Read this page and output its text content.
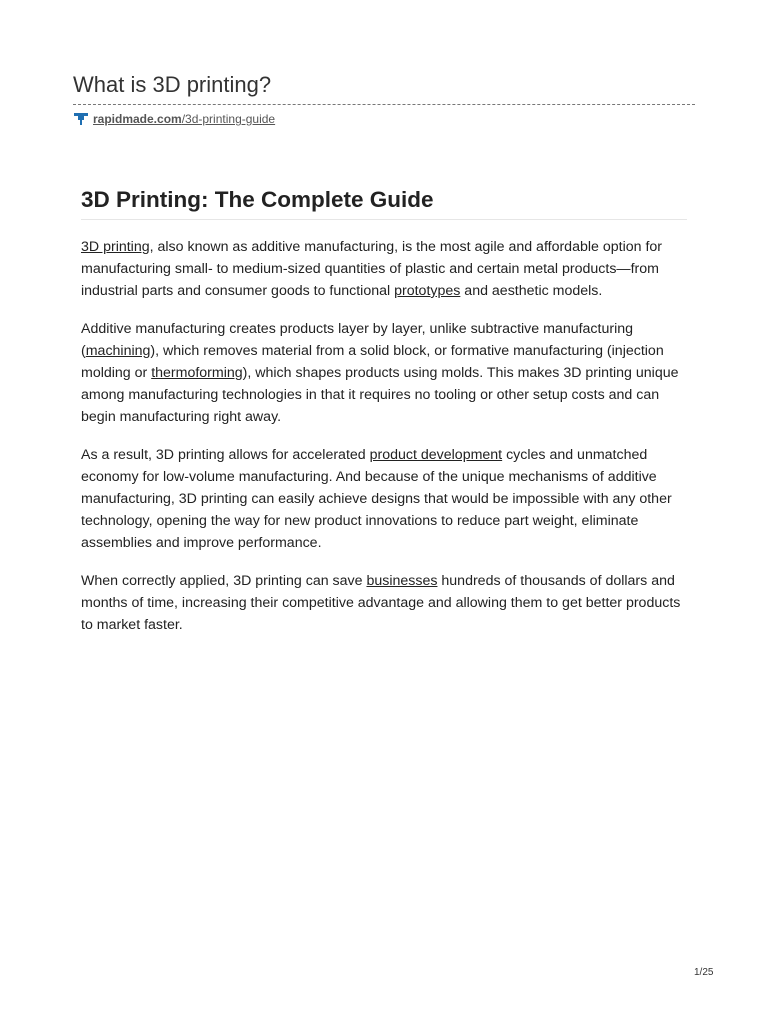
What is 3D printing?
rapidmade.com/3d-printing-guide
3D Printing: The Complete Guide

3D printing, also known as additive manufacturing, is the most agile and affordable option for manufacturing small- to medium-sized quantities of plastic and certain metal products—from industrial parts and consumer goods to functional prototypes and aesthetic models.

Additive manufacturing creates products layer by layer, unlike subtractive manufacturing (machining), which removes material from a solid block, or formative manufacturing (injection molding or thermoforming), which shapes products using molds. This makes 3D printing unique among manufacturing technologies in that it requires no tooling or other setup costs and can begin manufacturing right away.

As a result, 3D printing allows for accelerated product development cycles and unmatched economy for low-volume manufacturing. And because of the unique mechanisms of additive manufacturing, 3D printing can easily achieve designs that would be impossible with any other technology, opening the way for new product innovations to reduce part weight, eliminate assemblies and improve performance.

When correctly applied, 3D printing can save businesses hundreds of thousands of dollars and months of time, increasing their competitive advantage and allowing them to get better products to market faster.

1/25
